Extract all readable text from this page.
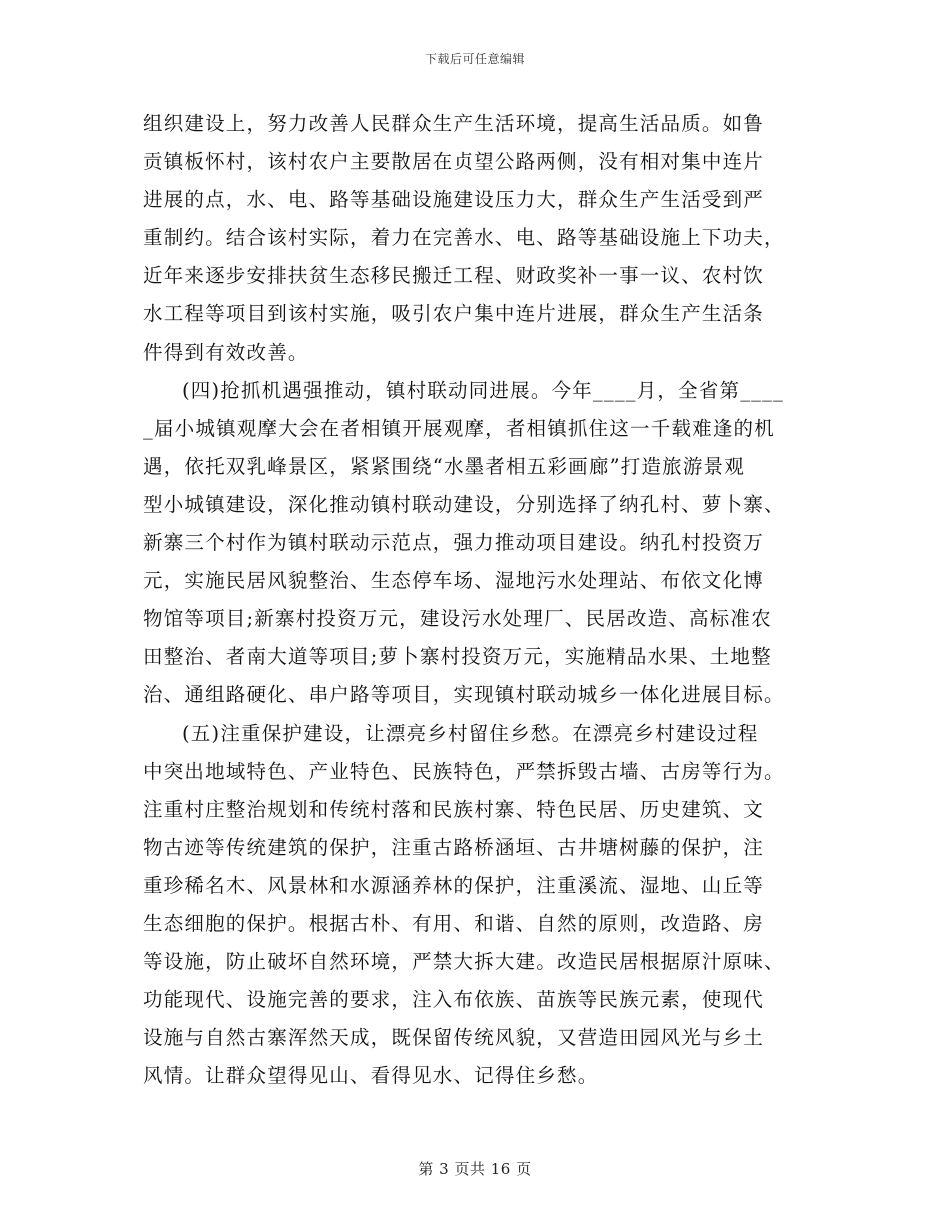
下载后可任意编辑
组织建设上，努力改善人民群众生产生活环境，提高生活品质。如鲁
贡镇板怀村，该村农户主要散居在贞望公路两侧，没有相对集中连片
进展的点，水、电、路等基础设施建设压力大，群众生产生活受到严
重制约。结合该村实际，着力在完善水、电、路等基础设施上下功夫，
近年来逐步安排扶贫生态移民搬迁工程、财政奖补一事一议、农村饮
水工程等项目到该村实施，吸引农户集中连片进展，群众生产生活条
件得到有效改善。
(四)抢抓机遇强推动，镇村联动同进展。今年____月，全省第____
_届小城镇观摩大会在者相镇开展观摩，者相镇抓住这一千载难逢的机
遇，依托双乳峰景区，紧紧围绕“水墨者相五彩画廊”打造旅游景观
型小城镇建设，深化推动镇村联动建设，分别选择了纳孔村、萝卜寨、
新寨三个村作为镇村联动示范点，强力推动项目建设。纳孔村投资万
元，实施民居风貌整治、生态停车场、湿地污水处理站、布依文化博
物馆等项目;新寨村投资万元，建设污水处理厂、民居改造、高标准农
田整治、者南大道等项目;萝卜寨村投资万元，实施精品水果、土地整
治、通组路硬化、串户路等项目，实现镇村联动城乡一体化进展目标。
(五)注重保护建设，让漂亮乡村留住乡愁。在漂亮乡村建设过程
中突出地域特色、产业特色、民族特色，严禁拆毁古墙、古房等行为。
注重村庄整治规划和传统村落和民族村寨、特色民居、历史建筑、文
物古迹等传统建筑的保护，注重古路桥涵垣、古井塘树藤的保护，注
重珍稀名木、风景林和水源涵养林的保护，注重溪流、湿地、山丘等
生态细胞的保护。根据古朴、有用、和谐、自然的原则，改造路、房
等设施，防止破坏自然环境，严禁大拆大建。改造民居根据原汁原味、
功能现代、设施完善的要求，注入布依族、苗族等民族元素，使现代
设施与自然古寨浑然天成，既保留传统风貌，又营造田园风光与乡土
风情。让群众望得见山、看得见水、记得住乡愁。
第 3 页共 16 页
